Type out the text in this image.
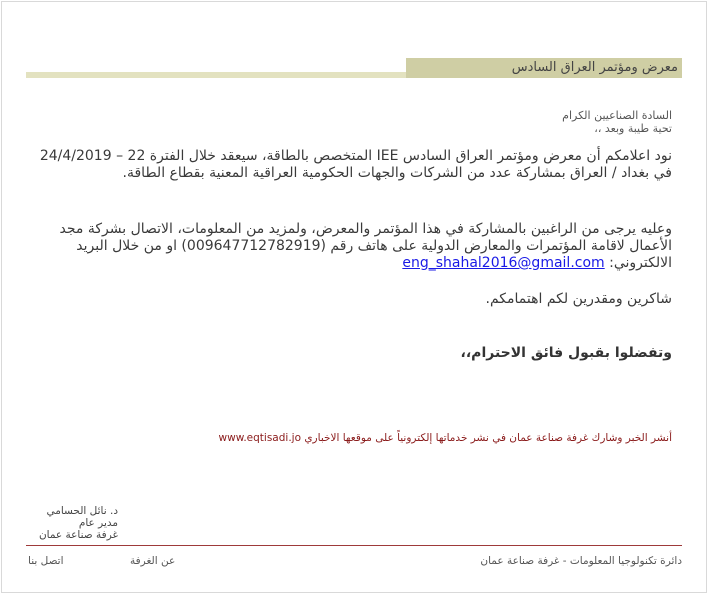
معرض ومؤتمر العراق السادس
السادة الصناعيين الكرام
تحية طيبة وبعد ،،
نود اعلامكم أن معرض ومؤتمر العراق السادس IEE المتخصص بالطاقة، سيعقد خلال الفترة 22 – 24/4/2019 في بغداد / العراق بمشاركة عدد من الشركات والجهات الحكومية العراقية المعنية بقطاع الطاقة.
وعليه يرجى من الراغبين بالمشاركة في هذا المؤتمر والمعرض، ولمزيد من المعلومات، الاتصال بشركة مجد الأعمال لاقامة المؤتمرات والمعارض الدولية على هاتف رقم (009647712782919) او من خلال البريد الالكتروني: eng_shahal2016@gmail.com
شاكرين ومقدرين لكم اهتمامكم.
وتفضلوا بقبول فائق الاحترام،،
أنشر الخبر وشارك غرفة صناعة عمان في نشر خدماتها إلكترونياً على موقعها الاخباري www.eqtisadi.jo
د. نائل الحسامي
مدير عام
غرفة صناعة عمان
دائرة تكنولوجيا المعلومات - غرفة صناعة عمان
عن الغرفة
اتصل بنا
